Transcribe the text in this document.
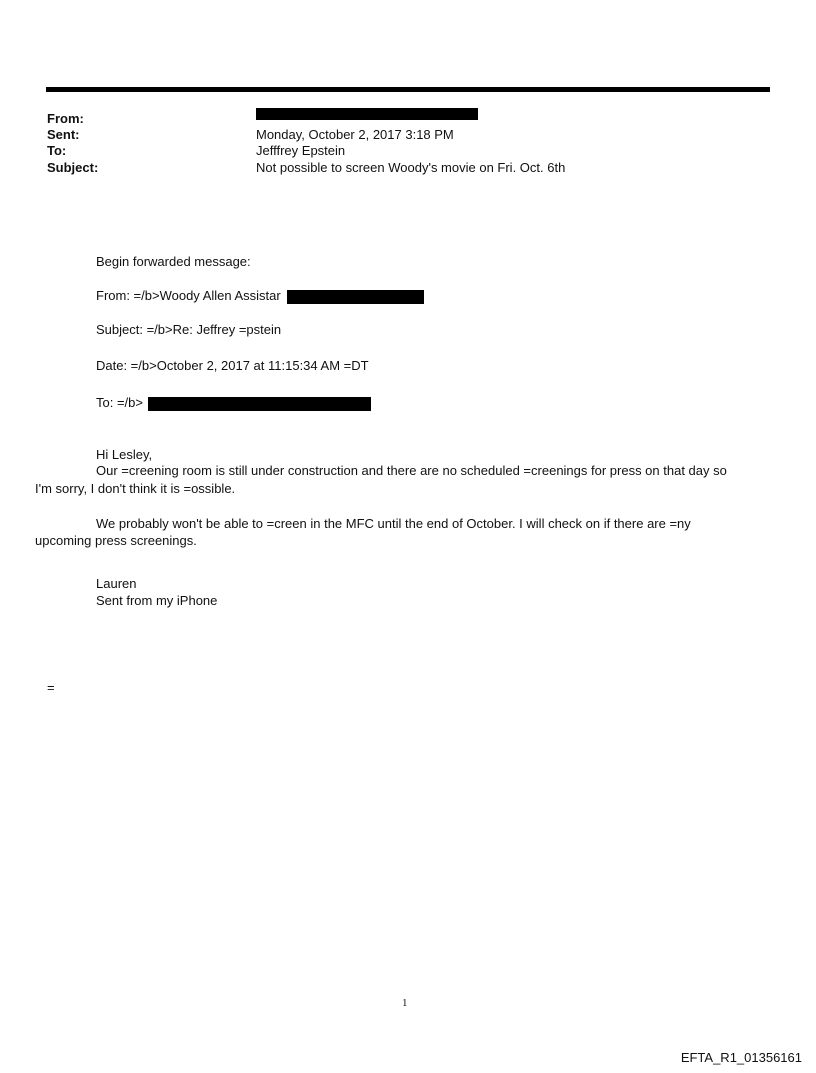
From:
Sent:	Monday, October 2, 2017 3:18 PM
To:	Jefffrey Epstein
Subject:	Not possible to screen Woody's movie on Fri. Oct. 6th
Begin forwarded message:
From: =/b>Woody Allen Assistar
Subject: =/b>Re: Jeffrey =pstein
Date: =/b>October 2, 2017 at 11:15:34 AM =DT
To: =/b>
Hi Lesley,
Our =creening room is still under construction and there are no scheduled =creenings for press on that day so
I'm sorry, I don't think it is =ossible.
We probably won't be able to =creen in the MFC until the end of October. I will check on if there are =ny
upcoming press screenings.
Lauren
Sent from my iPhone
=
1
EFTA_R1_01356161
